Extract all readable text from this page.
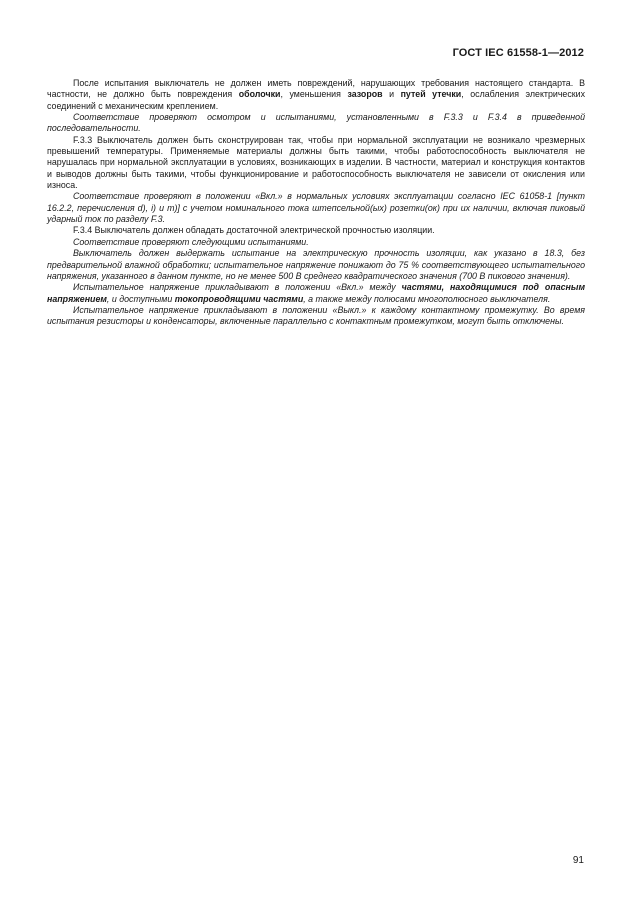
ГОСТ IEC 61558-1—2012

После испытания выключатель не должен иметь повреждений, нарушающих требования настоящего стандарта. В частности, не должно быть повреждения оболочки, уменьшения зазоров и путей утечки, ослабления электрических соединений с механическим креплением.

Соответствие проверяют осмотром и испытаниями, установленными в F.3.3 и F.3.4 в приведенной последовательности.

F.3.3 Выключатель должен быть сконструирован так, чтобы при нормальной эксплуатации не возникало чрезмерных превышений температуры. Применяемые материалы должны быть такими, чтобы работоспособность выключателя не нарушалась при нормальной эксплуатации в условиях, возникающих в изделии. В частности, материал и конструкция контактов и выводов должны быть такими, чтобы функционирование и работоспособность выключателя не зависели от окисления или износа.

Соответствие проверяют в положении «Вкл.» в нормальных условиях эксплуатации согласно IEC 61058-1 [пункт 16.2.2, перечисления d), i) и m)] с учетом номинального тока штепсельной(ых) розетки(ок) при их наличии, включая пиковый ударный ток по разделу F.3.

F.3.4 Выключатель должен обладать достаточной электрической прочностью изоляции.

Соответствие проверяют следующими испытаниями.

Выключатель должен выдержать испытание на электрическую прочность изоляции, как указано в 18.3, без предварительной влажной обработки; испытательное напряжение понижают до 75 % соответствующего испытательного напряжения, указанного в данном пункте, но не менее 500 В среднего квадратического значения (700 В пикового значения).

Испытательное напряжение прикладывают в положении «Вкл.» между частями, находящимися под опасным напряжением, и доступными токопроводящими частями, а также между полюсами многополюсного выключателя.

Испытательное напряжение прикладывают в положении «Выкл.» к каждому контактному промежутку. Во время испытания резисторы и конденсаторы, включенные параллельно с контактным промежутком, могут быть отключены.

91
